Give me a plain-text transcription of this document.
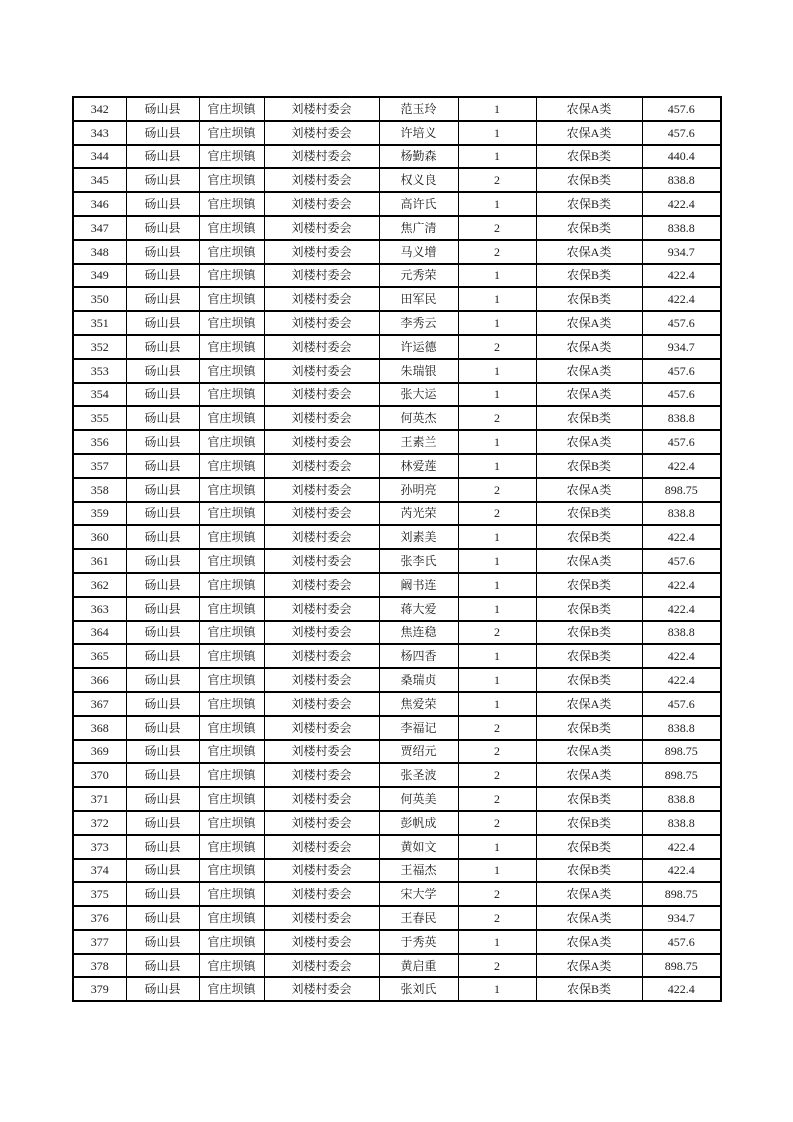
342	砀山县	官庄坝镇	刘楼村委会	范玉玲	1	农保A类	457.6
343	砀山县	官庄坝镇	刘楼村委会	许培义	1	农保A类	457.6
344	砀山县	官庄坝镇	刘楼村委会	杨勤森	1	农保B类	440.4
345	砀山县	官庄坝镇	刘楼村委会	权义良	2	农保B类	838.8
346	砀山县	官庄坝镇	刘楼村委会	高许氏	1	农保B类	422.4
347	砀山县	官庄坝镇	刘楼村委会	焦广清	2	农保B类	838.8
348	砀山县	官庄坝镇	刘楼村委会	马义增	2	农保A类	934.7
349	砀山县	官庄坝镇	刘楼村委会	元秀荣	1	农保B类	422.4
350	砀山县	官庄坝镇	刘楼村委会	田军民	1	农保B类	422.4
351	砀山县	官庄坝镇	刘楼村委会	李秀云	1	农保A类	457.6
352	砀山县	官庄坝镇	刘楼村委会	许运德	2	农保A类	934.7
353	砀山县	官庄坝镇	刘楼村委会	朱瑞银	1	农保A类	457.6
354	砀山县	官庄坝镇	刘楼村委会	张大运	1	农保A类	457.6
355	砀山县	官庄坝镇	刘楼村委会	何英杰	2	农保B类	838.8
356	砀山县	官庄坝镇	刘楼村委会	王素兰	1	农保A类	457.6
357	砀山县	官庄坝镇	刘楼村委会	林爱莲	1	农保B类	422.4
358	砀山县	官庄坝镇	刘楼村委会	孙明亮	2	农保A类	898.75
359	砀山县	官庄坝镇	刘楼村委会	芮光荣	2	农保B类	838.8
360	砀山县	官庄坝镇	刘楼村委会	刘素美	1	农保B类	422.4
361	砀山县	官庄坝镇	刘楼村委会	张李氏	1	农保A类	457.6
362	砀山县	官庄坝镇	刘楼村委会	阚书连	1	农保B类	422.4
363	砀山县	官庄坝镇	刘楼村委会	蒋大爱	1	农保B类	422.4
364	砀山县	官庄坝镇	刘楼村委会	焦连稳	2	农保B类	838.8
365	砀山县	官庄坝镇	刘楼村委会	杨四香	1	农保B类	422.4
366	砀山县	官庄坝镇	刘楼村委会	桑瑞贞	1	农保B类	422.4
367	砀山县	官庄坝镇	刘楼村委会	焦爱荣	1	农保A类	457.6
368	砀山县	官庄坝镇	刘楼村委会	李福记	2	农保B类	838.8
369	砀山县	官庄坝镇	刘楼村委会	贾绍元	2	农保A类	898.75
370	砀山县	官庄坝镇	刘楼村委会	张圣波	2	农保A类	898.75
371	砀山县	官庄坝镇	刘楼村委会	何英美	2	农保B类	838.8
372	砀山县	官庄坝镇	刘楼村委会	彭帆成	2	农保B类	838.8
373	砀山县	官庄坝镇	刘楼村委会	黄如文	1	农保B类	422.4
374	砀山县	官庄坝镇	刘楼村委会	王福杰	1	农保B类	422.4
375	砀山县	官庄坝镇	刘楼村委会	宋大学	2	农保A类	898.75
376	砀山县	官庄坝镇	刘楼村委会	王春民	2	农保A类	934.7
377	砀山县	官庄坝镇	刘楼村委会	于秀英	1	农保A类	457.6
378	砀山县	官庄坝镇	刘楼村委会	黄启重	2	农保A类	898.75
379	砀山县	官庄坝镇	刘楼村委会	张刘氏	1	农保B类	422.4
